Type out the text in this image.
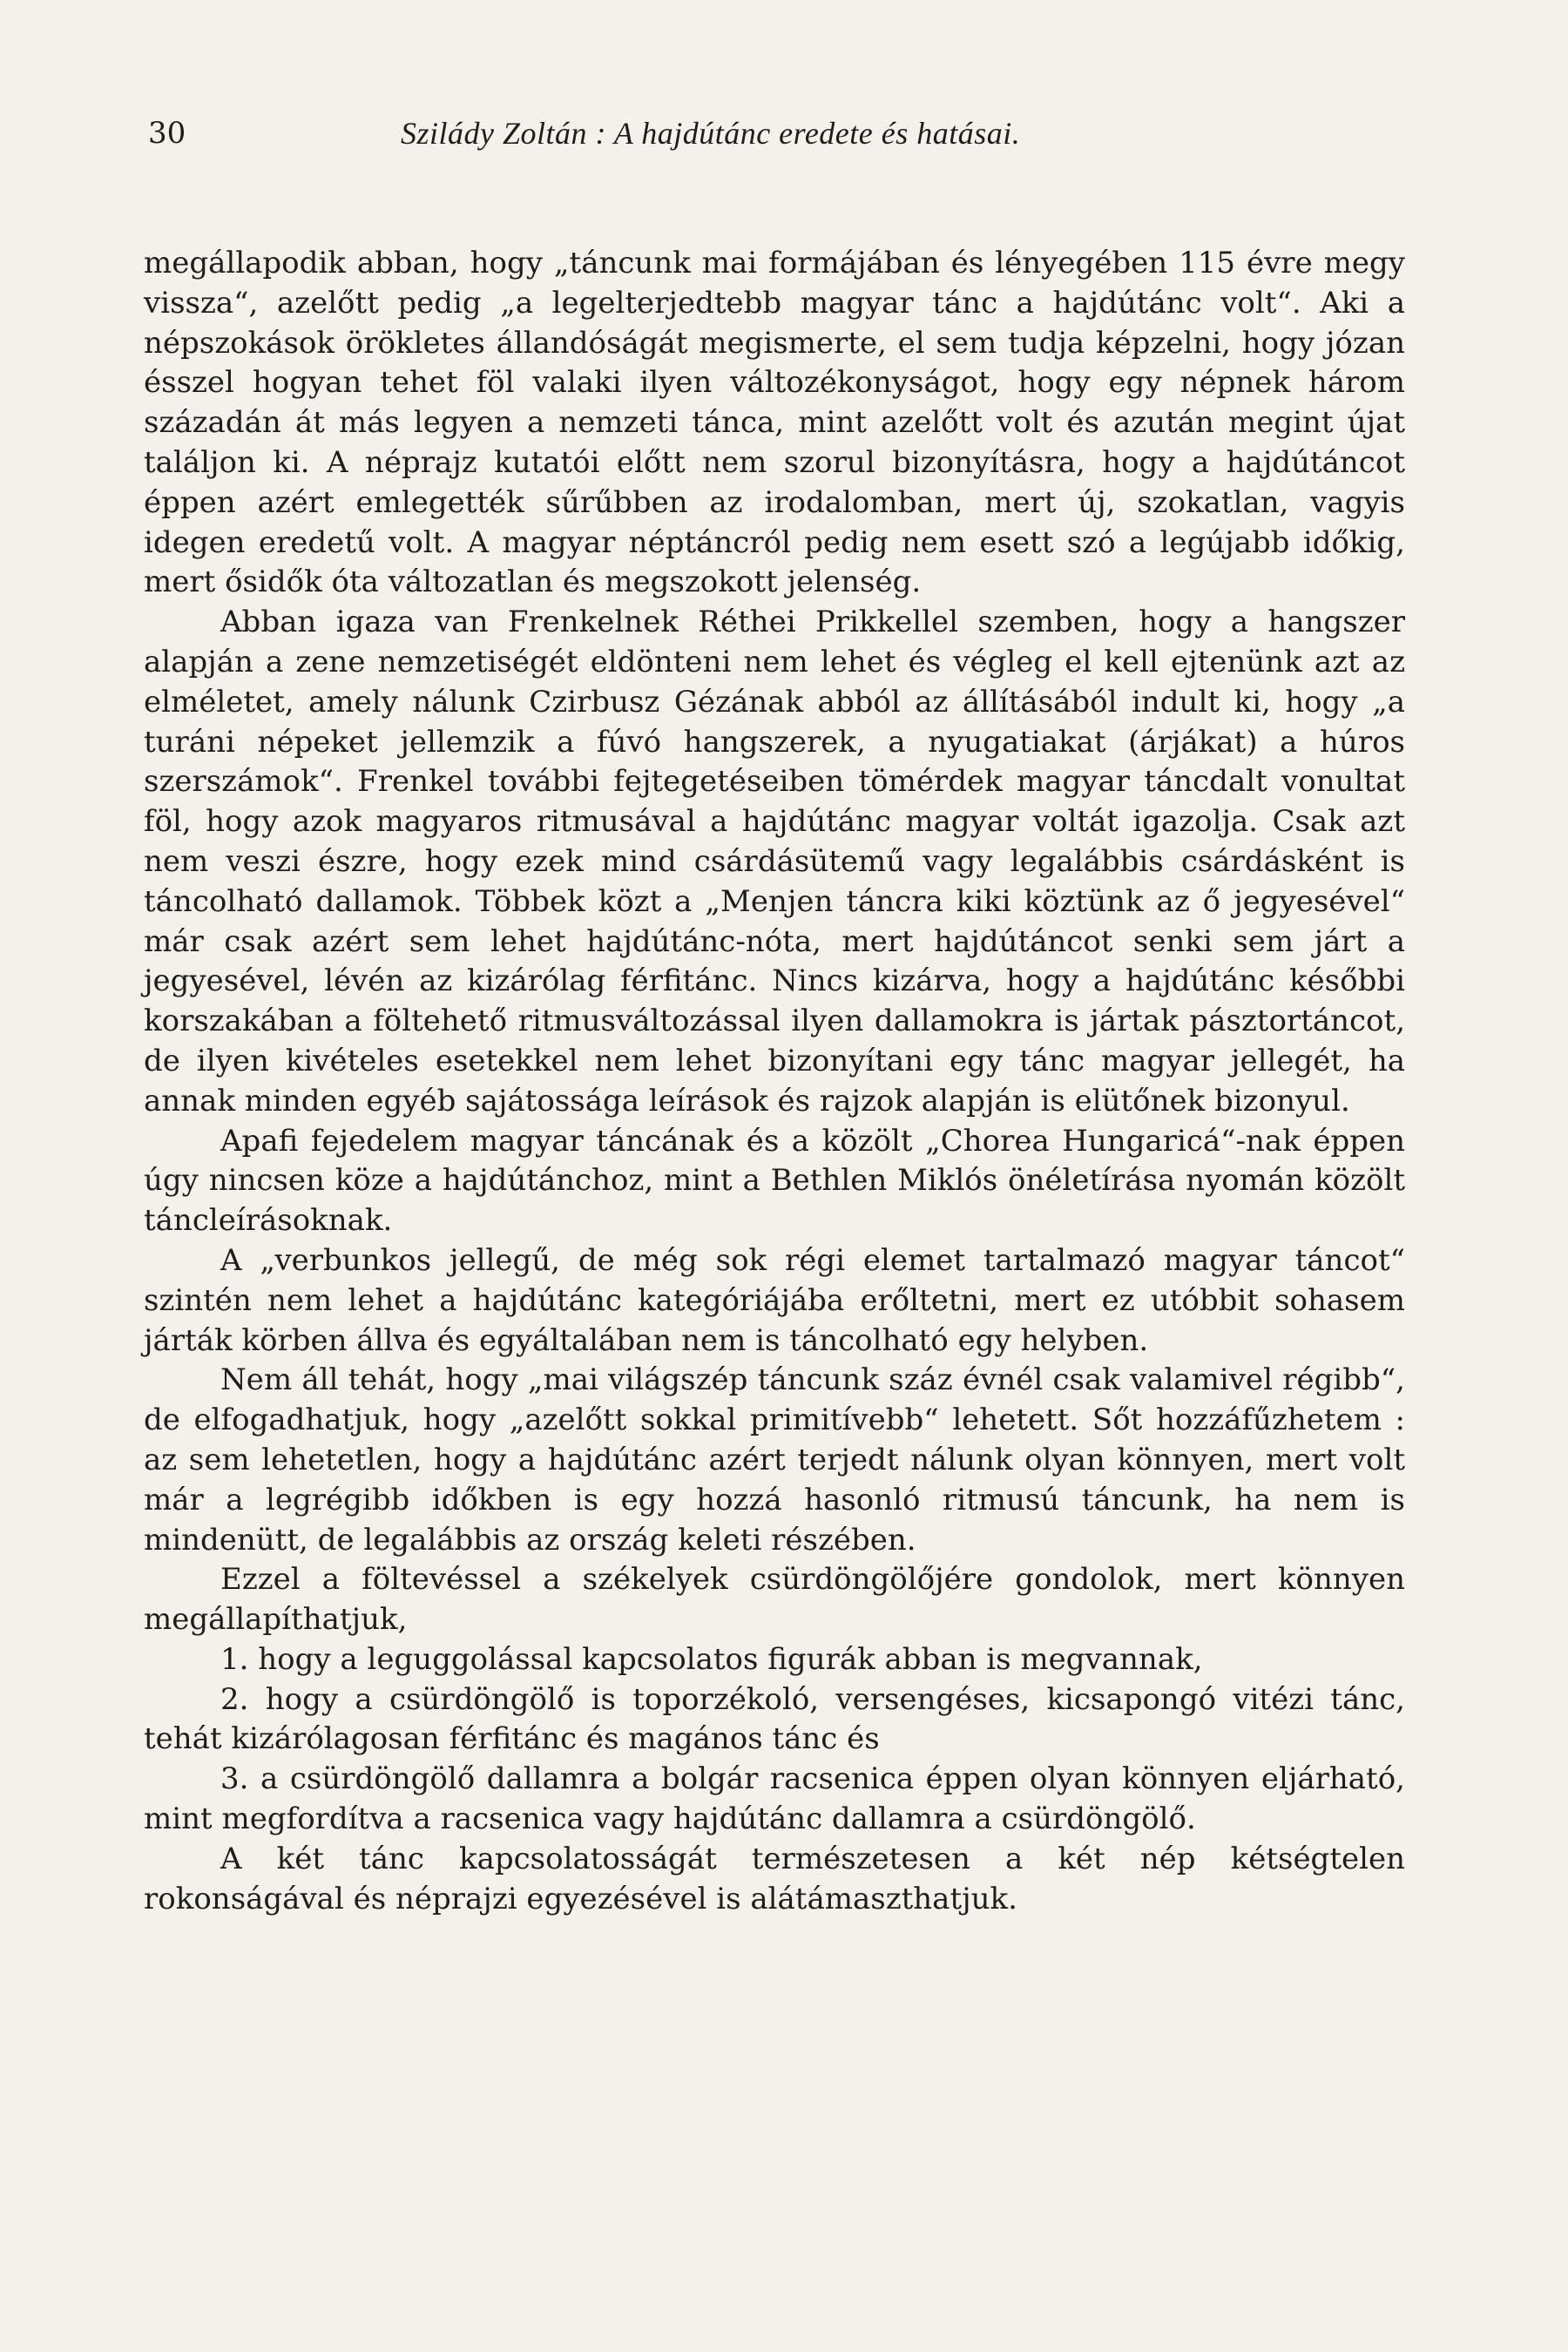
30	Szilády Zoltán : A hajdútánc eredete és hatásai.

megállapodik abban, hogy „táncunk mai formájában és lényegében 115 évre megy vissza“, azelőtt pedig „a legelterjedtebb magyar tánc a hajdútánc volt“. Aki a népszokások örökletes állandóságát megismerte, el sem tudja képzelni, hogy józan ésszel hogyan tehet föl valaki ilyen változékonyságot, hogy egy népnek három századán át más legyen a nemzeti tánca, mint azelőtt volt és azután megint újat találjon ki. A néprajz kutatói előtt nem szorul bizonyításra, hogy a hajdútáncot éppen azért emlegették sűrűbben az irodalomban, mert új, szokatlan, vagyis idegen eredetű volt. A magyar néptáncról pedig nem esett szó a legújabb időkig, mert ősidők óta változatlan és megszokott jelenség.

Abban igaza van Frenkelnek Réthei Prikkellel szemben, hogy a hangszer alapján a zene nemzetiségét eldönteni nem lehet és végleg el kell ejtenünk azt az elméletet, amely nálunk Czirbusz Gézának abból az állításából indult ki, hogy „a turáni népeket jellemzik a fúvó hangszerek, a nyugatiakat (árjákat) a húros szerszámok“. Frenkel további fejtegetéseiben tömérdek magyar táncdalt vonultat föl, hogy azok magyaros ritmusával a hajdútánc magyar voltát igazolja. Csak azt nem veszi észre, hogy ezek mind csárdásütemű vagy legalábbis csárdásként is táncolható dallamok. Többek közt a „Menjen táncra kiki köztünk az ő jegyesével“ már csak azért sem lehet hajdútánc-nóta, mert hajdútáncot senki sem járt a jegyesével, lévén az kizárólag férfitánc. Nincs kizárva, hogy a hajdútánc későbbi korszakában a föltehető ritmusváltozással ilyen dallamokra is jártak pásztortáncot, de ilyen kivételes esetekkel nem lehet bizonyítani egy tánc magyar jellegét, ha annak minden egyéb sajátossága leírások és rajzok alapján is elütőnek bizonyul.

Apafi fejedelem magyar táncának és a közölt „Chorea Hungaricá“-nak éppen úgy nincsen köze a hajdútánchoz, mint a Bethlen Miklós önéletírása nyomán közölt táncleírásoknak.

A „verbunkos jellegű, de még sok régi elemet tartalmazó magyar táncot“ szintén nem lehet a hajdútánc kategóriájába erőltetni, mert ez utóbbit sohasem járták körben állva és egyáltalában nem is táncolható egy helyben.

Nem áll tehát, hogy „mai világszép táncunk száz évnél csak valamivel régibb“, de elfogadhatjuk, hogy „azelőtt sokkal primitívebb“ lehetett. Sőt hozzáfűzhetem : az sem lehetetlen, hogy a hajdútánc azért terjedt nálunk olyan könnyen, mert volt már a legrégibb időkben is egy hozzá hasonló ritmusú táncunk, ha nem is mindenütt, de legalábbis az ország keleti részében.

Ezzel a föltevéssel a székelyek csürdöngölőjére gondolok, mert könnyen megállapíthatjuk,

1. hogy a leguggolással kapcsolatos figurák abban is megvannak,

2. hogy a csürdöngölő is toporzékoló, versengéses, kicsapongó vitézi tánc, tehát kizárólagosan férfitánc és magános tánc és

3. a csürdöngölő dallamra a bolgár racsenica éppen olyan könnyen eljárható, mint megfordítva a racsenica vagy hajdútánc dallamra a csürdöngölő.

A két tánc kapcsolatosságát természetesen a két nép kétségtelen rokonságával és néprajzi egyezésével is alátámaszthatjuk.
